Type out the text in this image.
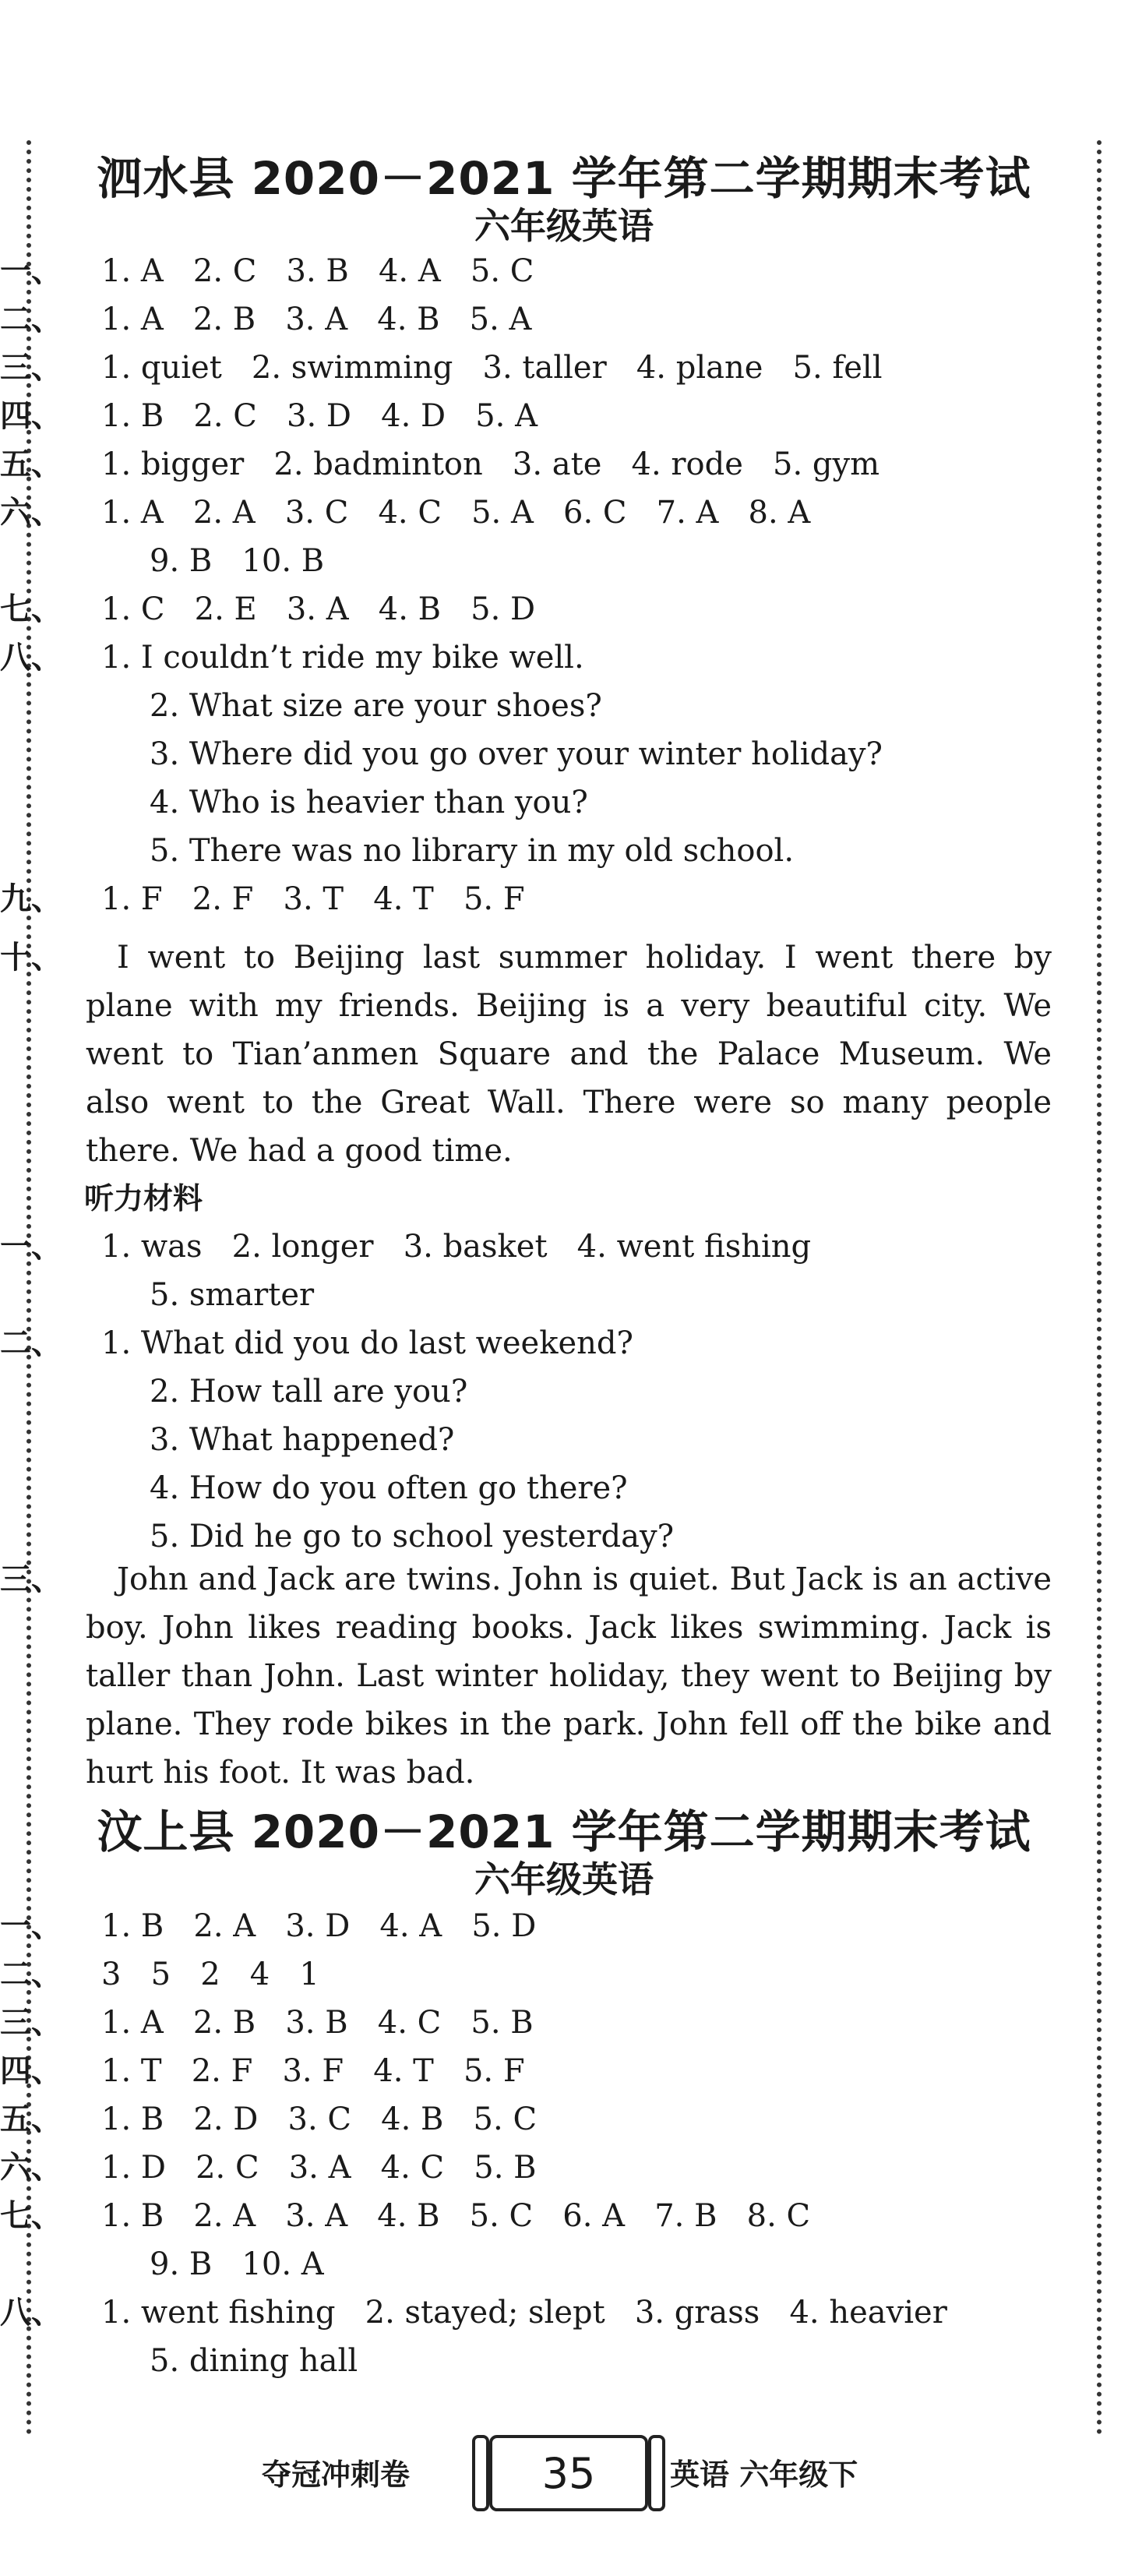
泗水县 2020－2021 学年第二学期期末考试
六年级英语
一、 1. A   2. C   3. B   4. A   5. C
二、 1. A   2. B   3. A   4. B   5. A
三、 1. quiet   2. swimming   3. taller   4. plane   5. fell
四、 1. B   2. C   3. D   4. D   5. A
五、 1. bigger   2. badminton   3. ate   4. rode   5. gym
六、 1. A   2. A   3. C   4. C   5. A   6. C   7. A   8. A
9. B   10. B
七、 1. C   2. E   3. A   4. B   5. D
八、 1. I couldn’t ride my bike well.
2. What size are your shoes?
3. Where did you go over your winter holiday?
4. Who is heavier than you?
5. There was no library in my old school.
九、 1. F   2. F   3. T   4. T   5. F

十、 I went to Beijing last summer holiday. I went there by plane with my friends. Beijing is a very beautiful city. We went to Tian’anmen Square and the Palace Museum. We also went to the Great Wall. There were so many people there. We had a good time.

听力材料
一、 1. was   2. longer   3. basket   4. went fishing
5. smarter
二、 1. What did you do last weekend?
2. How tall are you?
3. What happened?
4. How do you often go there?
5. Did he go to school yesterday?

三、 John and Jack are twins. John is quiet. But Jack is an active boy. John likes reading books. Jack likes swimming. Jack is taller than John. Last winter holiday, they went to Beijing by plane. They rode bikes in the park. John fell off the bike and hurt his foot. It was bad.

汶上县 2020－2021 学年第二学期期末考试
六年级英语
一、 1. B   2. A   3. D   4. A   5. D
二、 3   5   2   4   1
三、 1. A   2. B   3. B   4. C   5. B
四、 1. T   2. F   3. F   4. T   5. F
五、 1. B   2. D   3. C   4. B   5. C
六、 1. D   2. C   3. A   4. C   5. B
七、 1. B   2. A   3. A   4. B   5. C   6. A   7. B   8. C
9. B   10. A
八、 1. went fishing   2. stayed; slept   3. grass   4. heavier
5. dining hall
夺冠冲刺卷	35	英语 六年级下
